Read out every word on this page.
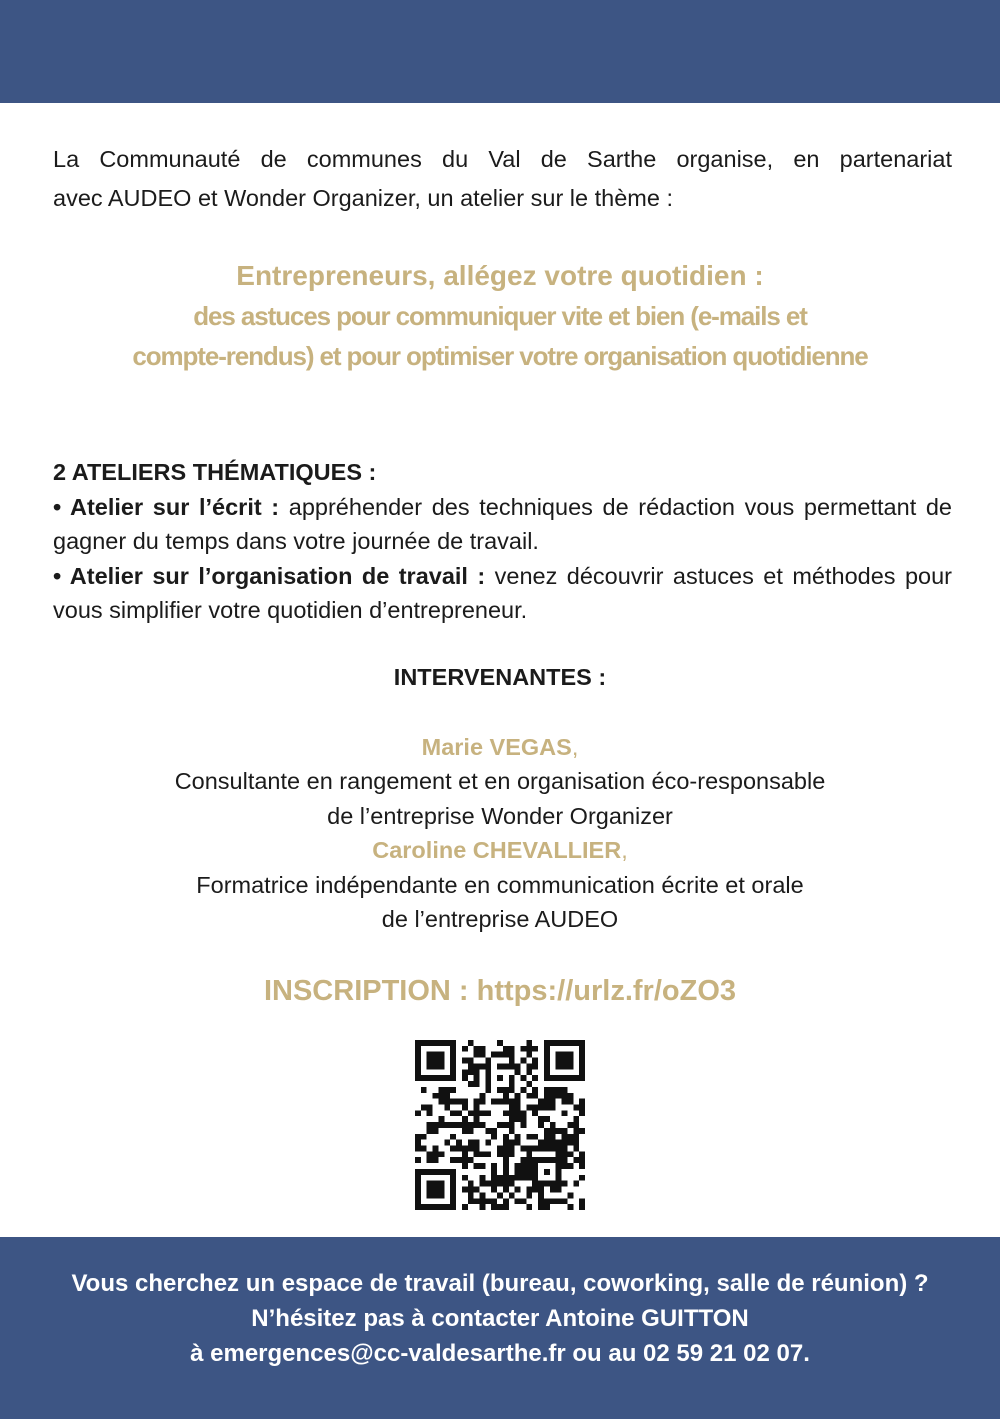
La Communauté de communes du Val de Sarthe organise, en partenariat
avec AUDEO et Wonder Organizer, un atelier sur le thème :
Entrepreneurs, allégez votre quotidien :
des astuces pour communiquer vite et bien (e-mails et
compte-rendus) et pour optimiser votre organisation quotidienne
2 ATELIERS THÉMATIQUES :

• Atelier sur l’écrit : appréhender des techniques de rédaction vous permettant de gagner du temps dans votre journée de travail.

• Atelier sur l’organisation de travail : venez découvrir astuces et méthodes pour vous simplifier votre quotidien d’entrepreneur.

INTERVENANTES :
Marie VEGAS,
Consultante en rangement et en organisation éco-responsable
de l’entreprise Wonder Organizer
Caroline CHEVALLIER,
Formatrice indépendante en communication écrite et orale
de l’entreprise AUDEO
INSCRIPTION : https://urlz.fr/oZO3
Vous cherchez un espace de travail (bureau, coworking, salle de réunion) ?
N’hésitez pas à contacter Antoine GUITTON
à emergences@cc-valdesarthe.fr ou au 02 59 21 02 07.
